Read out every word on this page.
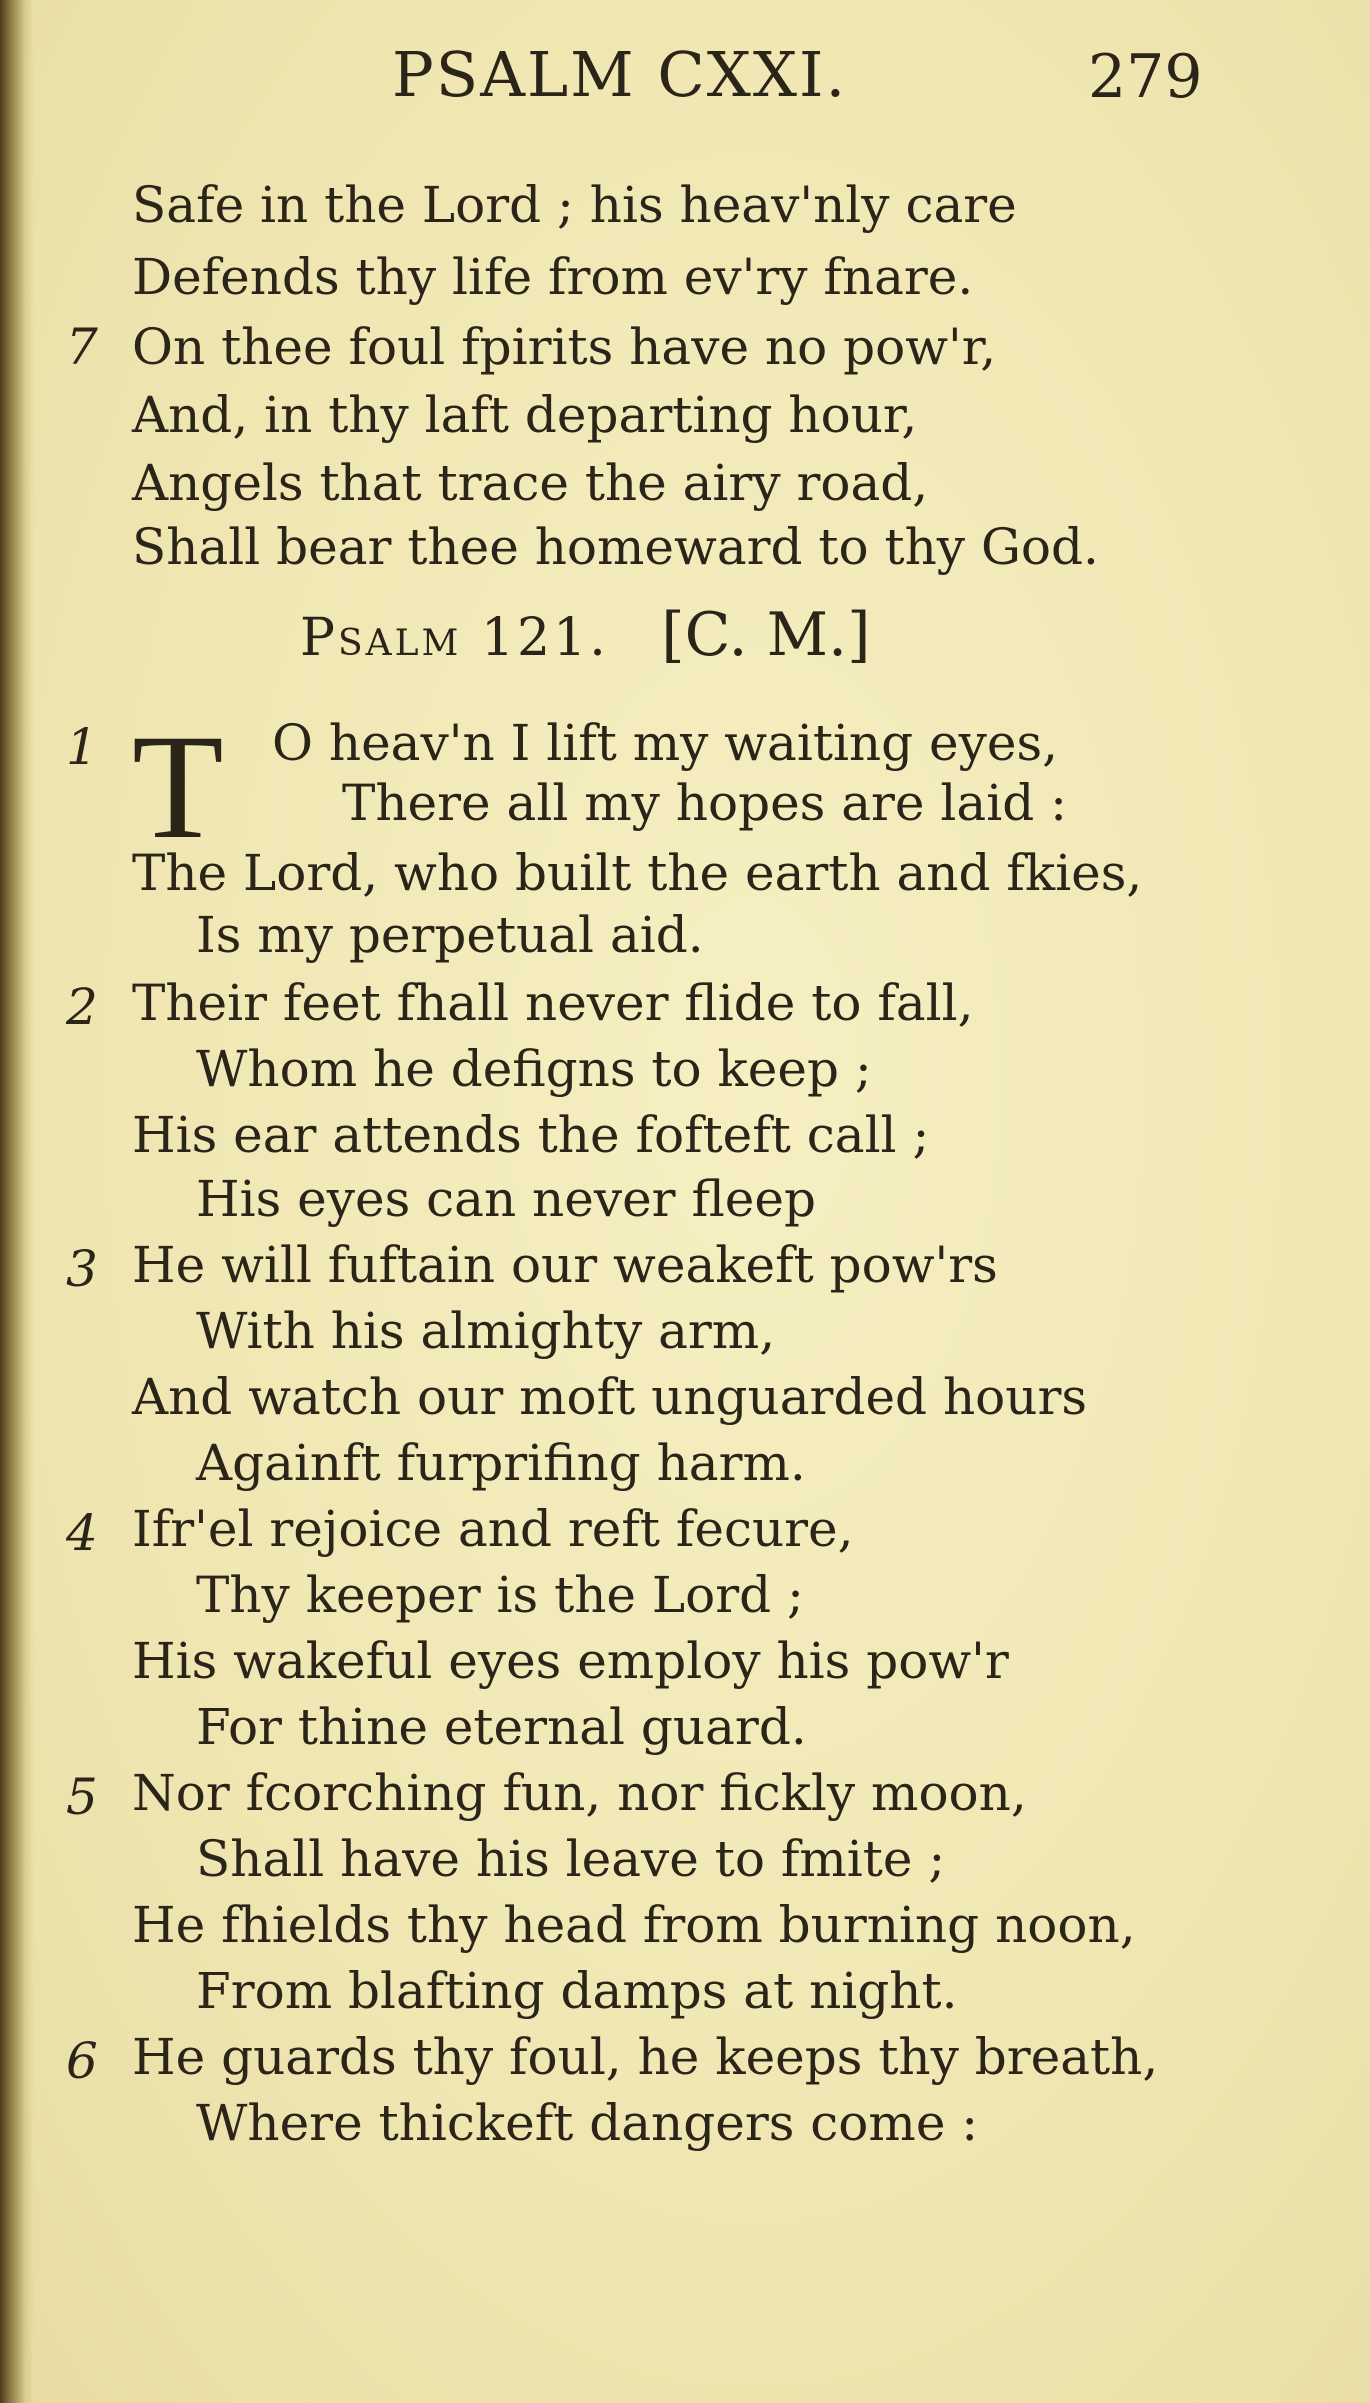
PSALM CXXI.	279
Safe in the Lord ; his heav'nly care
Defends thy life from ev'ry fnare.
7 On thee foul fpirits have no pow'r,
And, in thy laft departing hour,
Angels that trace the airy road,
Shall bear thee homeward to thy God.
Psalm 121. [C. M.]
1 T O heav'n I lift my waiting eyes,
There all my hopes are laid :
The Lord, who built the earth and fkies,
Is my perpetual aid.
2 Their feet fhall never flide to fall,
Whom he defigns to keep ;
His ear attends the fofteft call ;
His eyes can never fleep
3 He will fuftain our weakeft pow'rs
With his almighty arm,
And watch our moft unguarded hours
Againft furprifing harm.
4 Ifr'el rejoice and reft fecure,
Thy keeper is the Lord ;
His wakeful eyes employ his pow'r
For thine eternal guard.
5 Nor fcorching fun, nor fickly moon,
Shall have his leave to fmite ;
He fhields thy head from burning noon,
From blafting damps at night.
6 He guards thy foul, he keeps thy breath,
Where thickeft dangers come :
